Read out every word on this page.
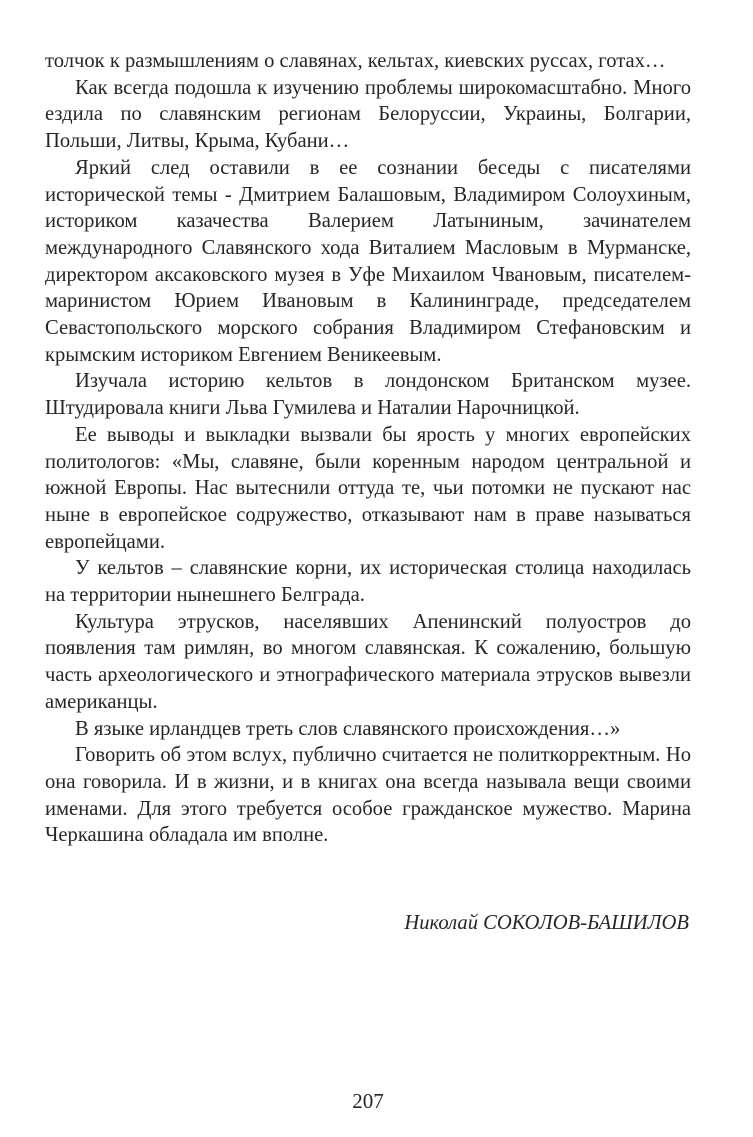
толчок к размышлениям о славянах, кельтах, киевских руссах, готах…

Как всегда подошла к изучению проблемы широкомасштабно. Много ездила по славянским регионам Белоруссии, Украины, Болгарии, Польши, Литвы, Крыма, Кубани…

Яркий след оставили в ее сознании беседы с писателями исторической темы - Дмитрием Балашовым, Владимиром Солоухиным, историком казачества Валерием Латыниным, зачинателем международного Славянского хода Виталием Масловым в Мурманске, директором аксаковского музея в Уфе Михаилом Чвановым, писателем-маринистом Юрием Ивановым в Калининграде, председателем Севастопольского морского собрания Владимиром Стефановским и крымским историком Евгением Веникеевым.

Изучала историю кельтов в лондонском Британском музее. Штудировала книги Льва Гумилева и Наталии Нарочницкой.

Ее выводы и выкладки вызвали бы ярость у многих европейских политологов: «Мы, славяне, были коренным народом центральной и южной Европы. Нас вытеснили оттуда те, чьи потомки не пускают нас ныне в европейское содружество, отказывают нам в праве называться европейцами.

У кельтов – славянские корни, их историческая столица находилась на территории нынешнего Белграда.

Культура этрусков, населявших Апенинский полуостров до появления там римлян, во многом славянская. К сожалению, большую часть археологического и этнографического материала этрусков вывезли американцы.

В языке ирландцев треть слов славянского происхождения…»

Говорить об этом вслух, публично считается не политкорректным. Но она говорила. И в жизни, и в книгах она всегда называла вещи своими именами. Для этого требуется особое гражданское мужество. Марина Черкашина обладала им вполне.

Николай СОКОЛОВ-БАШИЛОВ

207
